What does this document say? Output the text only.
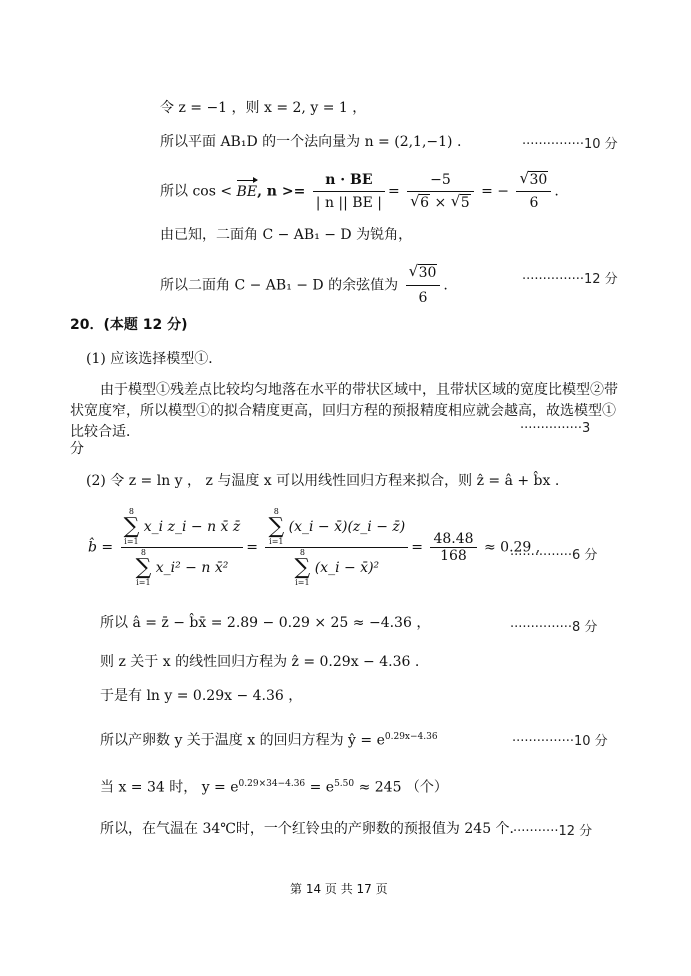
令 z = −1 ，则 x = 2, y = 1 ，
所以平面 AB₁D 的一个法向量为 n = (2,1,−1) .	···············10 分
所以 cos < BE, $n >= \frac{n \cdot BE}{| n || BE |} = -5$
√ 6 × √ 5 = − √ $\frac{30}{6}$ .
由已知，二面角 C − AB₁ − D 为锐角，
所以二面角 C − AB₁ − D 的余弦值为 √ $\frac{30}{6}$ .	···············12 分
20．(本题 12 分)
(1) 应该选择模型①．
由于模型①残差点比较均匀地落在水平的带状区域中，且带状区域的宽度比模型②带
状宽度窄，所以模型①的拟合精度更高，回归方程的预报精度相应就会越高，故选模型①
比较合适．	···············3
分
(2) 令 z = ln y ， z 与温度 x 可以用线性回归方程来拟合，则 ẑ = â + b̂x .
b̂ = 8
∑
i=1
x_i z_i − n x̄ z̄
8
∑
i=1
x_i² − n x̄² = 8
∑
i=1
(x_i − x̄)(z_i − z̄)
8
∑
i=1
(x_i − x̄)² = $\frac{48.48}{168} \approx 0.29$ ,
···············6 分
所以 â = z̄ − b̂x̄ = 2.89 − 0.29 × 25 ≈ −4.36 ，	···············8 分
则 z 关于 x 的线性回归方程为 ẑ = 0.29x − 4.36 .
于是有 ln y = 0.29x − 4.36 ，
所以产卵数 y 关于温度 x 的回归方程为 ŷ = $e^{0.29x-4.36}$	···············10 分
当 x = 34 时， $y = e^{0.29\times 34-4.36} = e^{5.50} \approx 245$ （个）
所以，在气温在 34℃时，一个红铃虫的产卵数的预报值为 245 个．
···········12 分
第 14 页 共 17 页
